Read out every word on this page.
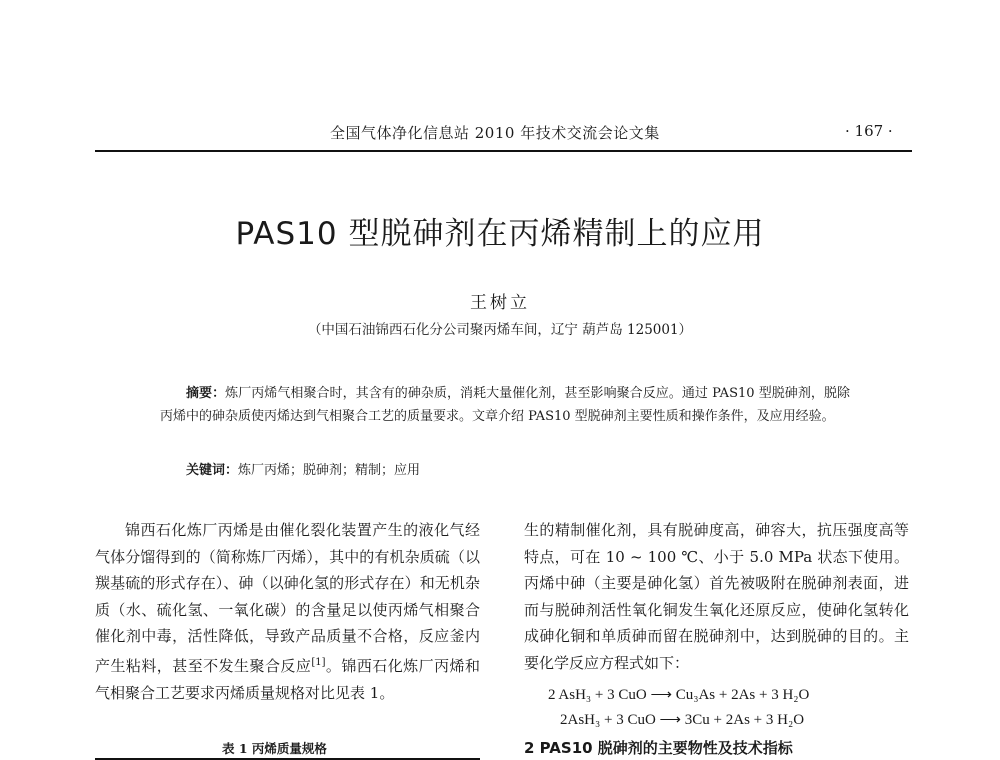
全国气体净化信息站 2010 年技术交流会论文集	· 167 ·
PAS10 型脱砷剂在丙烯精制上的应用
王树立
（中国石油锦西石化分公司聚丙烯车间，辽宁 葫芦岛 125001）
摘要：炼厂丙烯气相聚合时，其含有的砷杂质，消耗大量催化剂，甚至影响聚合反应。通过 PAS10 型脱砷剂，脱除丙烯中的砷杂质使丙烯达到气相聚合工艺的质量要求。文章介绍 PAS10 型脱砷剂主要性质和操作条件，及应用经验。
关键词：炼厂丙烯；脱砷剂；精制；应用
锦西石化炼厂丙烯是由催化裂化装置产生的液化气经气体分馏得到的（简称炼厂丙烯），其中的有机杂质硫（以羰基硫的形式存在）、砷（以砷化氢的形式存在）和无机杂质（水、硫化氢、一氧化碳）的含量足以使丙烯气相聚合催化剂中毒，活性降低，导致产品质量不合格，反应釜内产生粘料，甚至不发生聚合反应[1]。锦西石化炼厂丙烯和气相聚合工艺要求丙烯质量规格对比见表 1。
生的精制催化剂，具有脱砷度高，砷容大，抗压强度高等特点，可在 10 ~ 100 ℃、小于 5.0 MPa 状态下使用。丙烯中砷（主要是砷化氢）首先被吸附在脱砷剂表面，进而与脱砷剂活性氧化铜发生氧化还原反应，使砷化氢转化成砷化铜和单质砷而留在脱砷剂中，达到脱砷的目的。主要化学反应方程式如下：
2 AsH₃ + 3 CuO ⟶ Cu₃As + 2As + 3 H₂O
2AsH₃ + 3 CuO ⟶ 3Cu + 2As + 3 H₂O
表 1 丙烯质量规格	2 PAS10 脱砷剂的主要物性及技术指标
